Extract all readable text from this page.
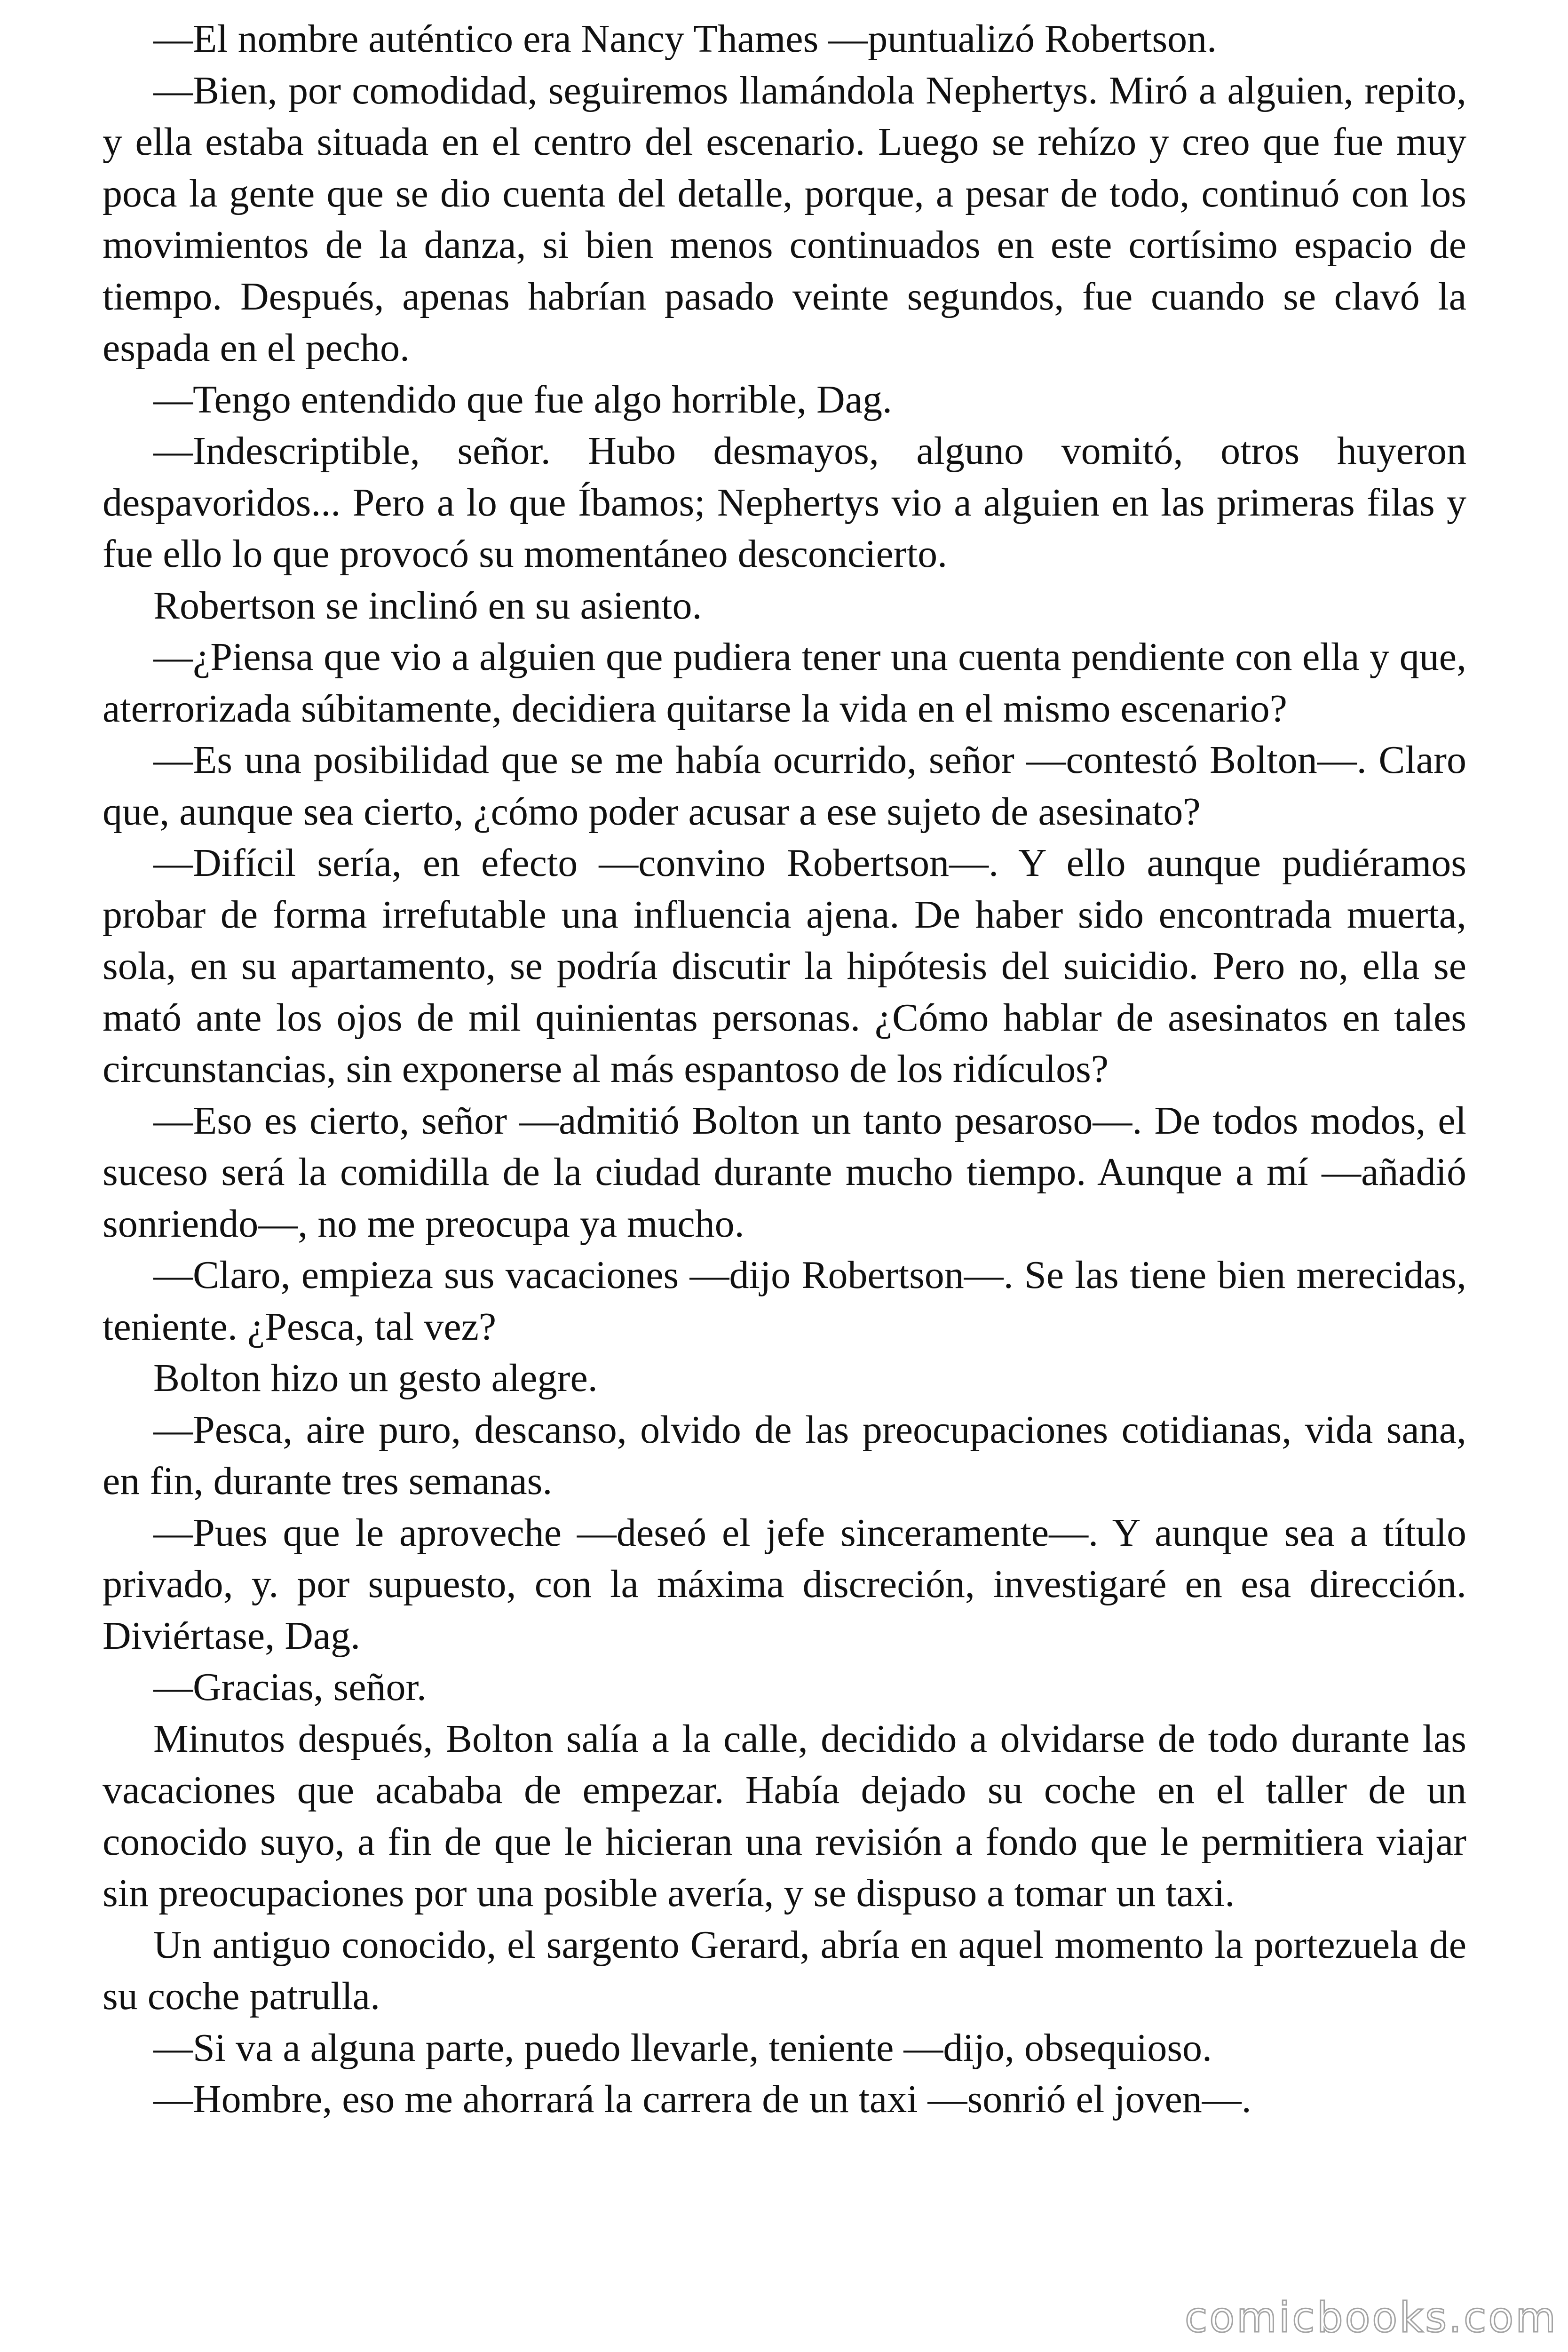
—El nombre auténtico era Nancy Thames —puntualizó Robertson.

—Bien, por comodidad, seguiremos llamándola Nephertys. Miró a alguien, repito, y ella estaba situada en el centro del escenario. Luego se rehízo y creo que fue muy poca la gente que se dio cuenta del detalle, porque, a pesar de todo, continuó con los movimientos de la danza, si bien menos continuados en este cortísimo espacio de tiempo. Después, apenas habrían pasado veinte segundos, fue cuando se clavó la espada en el pecho.

—Tengo entendido que fue algo horrible, Dag.

—Indescriptible, señor. Hubo desmayos, alguno vomitó, otros huyeron despavoridos... Pero a lo que Íbamos; Nephertys vio a alguien en las primeras filas y fue ello lo que provocó su momentáneo desconcierto.

Robertson se inclinó en su asiento.

—¿Piensa que vio a alguien que pudiera tener una cuenta pendiente con ella y que, aterrorizada súbitamente, decidiera quitarse la vida en el mismo escenario?

—Es una posibilidad que se me había ocurrido, señor —contestó Bolton—. Claro que, aunque sea cierto, ¿cómo poder acusar a ese sujeto de asesinato?

—Difícil sería, en efecto —convino Robertson—. Y ello aunque pudiéramos probar de forma irrefutable una influencia ajena. De haber sido encontrada muerta, sola, en su apartamento, se podría discutir la hipótesis del suicidio. Pero no, ella se mató ante los ojos de mil quinientas personas. ¿Cómo hablar de asesinatos en tales circunstancias, sin exponerse al más espantoso de los ridículos?

—Eso es cierto, señor —admitió Bolton un tanto pesaroso—. De todos modos, el suceso será la comidilla de la ciudad durante mucho tiempo. Aunque a mí —añadió sonriendo—, no me preocupa ya mucho.

—Claro, empieza sus vacaciones —dijo Robertson—. Se las tiene bien merecidas, teniente. ¿Pesca, tal vez?

Bolton hizo un gesto alegre.

—Pesca, aire puro, descanso, olvido de las preocupaciones cotidianas, vida sana, en fin, durante tres semanas.

—Pues que le aproveche —deseó el jefe sinceramente—. Y aunque sea a título privado, y. por supuesto, con la máxima discreción, investigaré en esa dirección. Diviértase, Dag.

—Gracias, señor.

Minutos después, Bolton salía a la calle, decidido a olvidarse de todo durante las vacaciones que acababa de empezar. Había dejado su coche en el taller de un conocido suyo, a fin de que le hicieran una revisión a fondo que le permitiera viajar sin preocupaciones por una posible avería, y se dispuso a tomar un taxi.

Un antiguo conocido, el sargento Gerard, abría en aquel momento la portezuela de su coche patrulla.

—Si va a alguna parte, puedo llevarle, teniente —dijo, obsequioso.

—Hombre, eso me ahorrará la carrera de un taxi —sonrió el joven—.

comicbooks.com
